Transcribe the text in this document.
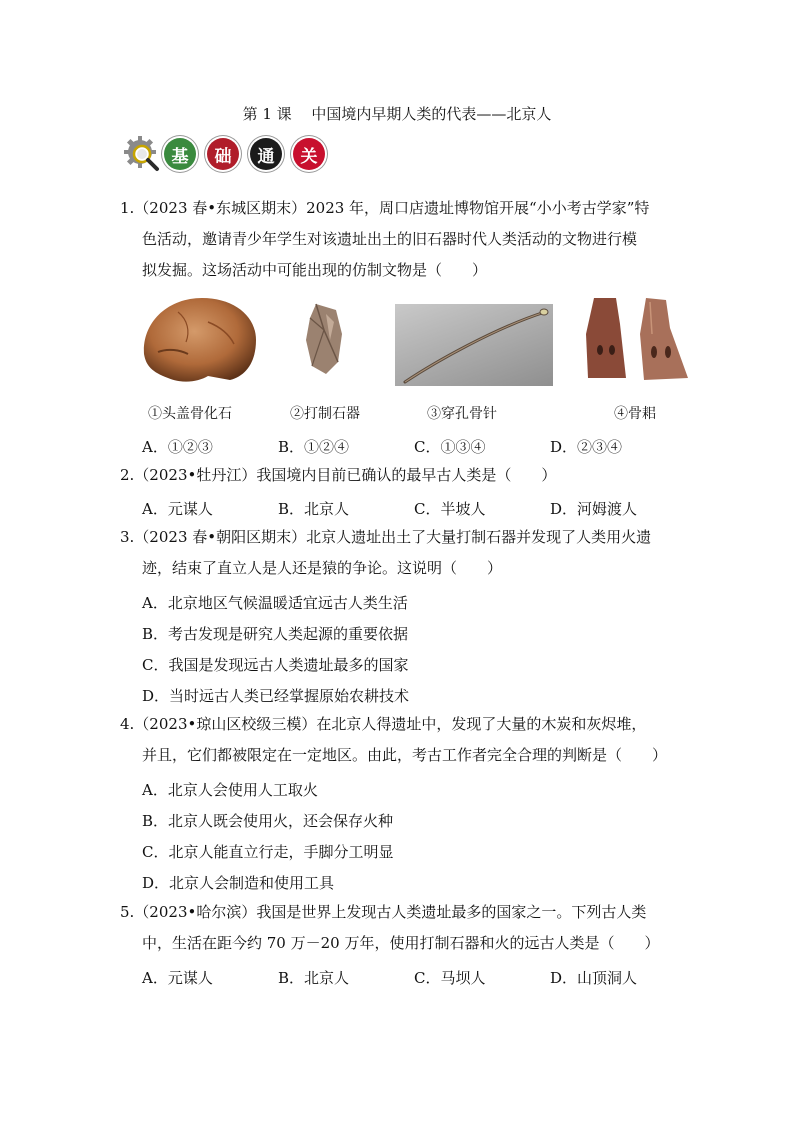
第 1 课　 中国境内早期人类的代表——北京人
基	础	通	关
1.（2023 春•东城区期末）2023 年，周口店遗址博物馆开展“小小考古学家”特
色活动，邀请青少年学生对该遗址出土的旧石器时代人类活动的文物进行模
拟发掘。这场活动中可能出现的仿制文物是（　　）
①头盖骨化石	②打制石器	③穿孔骨针	④骨耜
A．①②③	B．①②④	C．①③④	D．②③④
2.（2023•牡丹江）我国境内目前已确认的最早古人类是（　　）
A．元谋人	B．北京人	C．半坡人	D．河姆渡人
3.（2023 春•朝阳区期末）北京人遗址出土了大量打制石器并发现了人类用火遗
迹，结束了直立人是人还是猿的争论。这说明（　　）
A．北京地区气候温暖适宜远古人类生活
B．考古发现是研究人类起源的重要依据
C．我国是发现远古人类遗址最多的国家
D．当时远古人类已经掌握原始农耕技术
4.（2023•琼山区校级三模）在北京人得遗址中，发现了大量的木炭和灰烬堆，
并且，它们都被限定在一定地区。由此，考古工作者完全合理的判断是（　　）
A．北京人会使用人工取火
B．北京人既会使用火，还会保存火种
C．北京人能直立行走，手脚分工明显
D．北京人会制造和使用工具
5.（2023•哈尔滨）我国是世界上发现古人类遗址最多的国家之一。下列古人类
中，生活在距今约 70 万－20 万年，使用打制石器和火的远古人类是（　　）
A．元谋人	B．北京人	C．马坝人	D．山顶洞人
